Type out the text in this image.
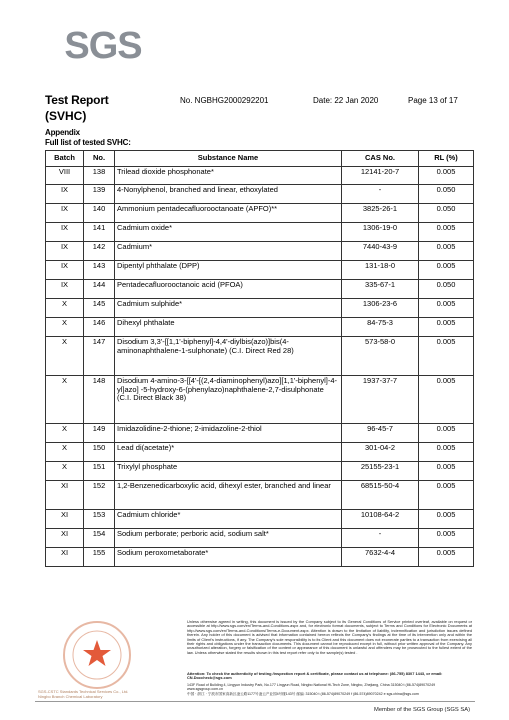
SGS
Test Report
(SVHC)
No. NGBHG2000292201	Date: 22 Jan 2020	Page 13 of 17
Appendix
Full list of tested SVHC:
Batch	No.	Substance Name	CAS No.	RL (%)
VIII	138	Trilead dioxide phosphonate*	12141-20-7	0.005
IX	139	4-Nonylphenol, branched and linear, ethoxylated	-	0.050
IX	140	Ammonium pentadecafluorooctanoate (APFO)**	3825-26-1	0.050
IX	141	Cadmium oxide*	1306-19-0	0.005
IX	142	Cadmium*	7440-43-9	0.005
IX	143	Dipentyl phthalate (DPP)	131-18-0	0.005
IX	144	Pentadecafluorooctanoic acid (PFOA)	335-67-1	0.050
X	145	Cadmium sulphide*	1306-23-6	0.005
X	146	Dihexyl phthalate	84-75-3	0.005
X	147	Disodium 3,3'-[[1,1'-biphenyl]-4,4'-diylbis(azo)]bis(4-aminonaphthalene-1-sulphonate) (C.I. Direct Red 28)	573-58-0	0.005
X	148	Disodium 4-amino-3-[[4'-[(2,4-diaminophenyl)azo][1,1'-biphenyl]-4-yl]azo] -5-hydroxy-6-(phenylazo)naphthalene-2,7-disulphonate (C.I. Direct Black 38)	1937-37-7	0.005
X	149	Imidazolidine-2-thione; 2-imidazoline-2-thiol	96-45-7	0.005
X	150	Lead di(acetate)*	301-04-2	0.005
X	151	Trixylyl phosphate	25155-23-1	0.005
XI	152	1,2-Benzenedicarboxylic acid, dihexyl ester, branched and linear	68515-50-4	0.005
XI	153	Cadmium chloride*	10108-64-2	0.005
XI	154	Sodium perborate; perboric acid, sodium salt*	-	0.005
XI	155	Sodium peroxometaborate*	7632-4-4	0.005
Unless otherwise agreed in writing, this document is issued by the Company subject to its General Conditions of Service printed overleaf, available on request or accessible at http://www.sgs.com/en/Terms-and-Conditions.aspx and, for electronic format documents, subject to Terms and Conditions for Electronic Documents at http://www.sgs.com/en/Terms-and-Conditions/Terms-e-Document.aspx. Attention is drawn to the limitation of liability, indemnification and jurisdiction issues defined therein. Any holder of this document is advised that information contained hereon reflects the Company's findings at the time of its intervention only and within the limits of Client's instructions, if any. The Company's sole responsibility is to its Client and this document does not exonerate parties to a transaction from exercising all their rights and obligations under the transaction documents. This document cannot be reproduced except in full, without prior written approval of the Company. Any unauthorized alteration, forgery or falsification of the content or appearance of this document is unlawful and offenders may be prosecuted to the fullest extent of the law. Unless otherwise stated the results shown in this test report refer only to the sample(s) tested .
Attention: To check the authenticity of testing /inspection report & certificate, please contact us at telephone: (86-755) 8307 1443, or email: CN.Doccheck@sgs.com
143F Road of Building 4, Lingyun Industry Park, No.177 Lingyun Road, Ningbo National Hi-Tech Zone, Ningbo, Zhejiang, China 315040 t (86-574)89070249 www.sgsgroup.com.cn
中国 · 浙江 · 宁波市国家高新区凌云路1177号凌云产业园4号楼143号 邮编: 315040 t (86-574)89070249 f (86-574)89070242 e sgs.china@sgs.com
SGS-CSTC Standards Technical Services Co., Ltd.
Ningbo Branch Chemical Laboratory
Member of the SGS Group (SGS SA)
